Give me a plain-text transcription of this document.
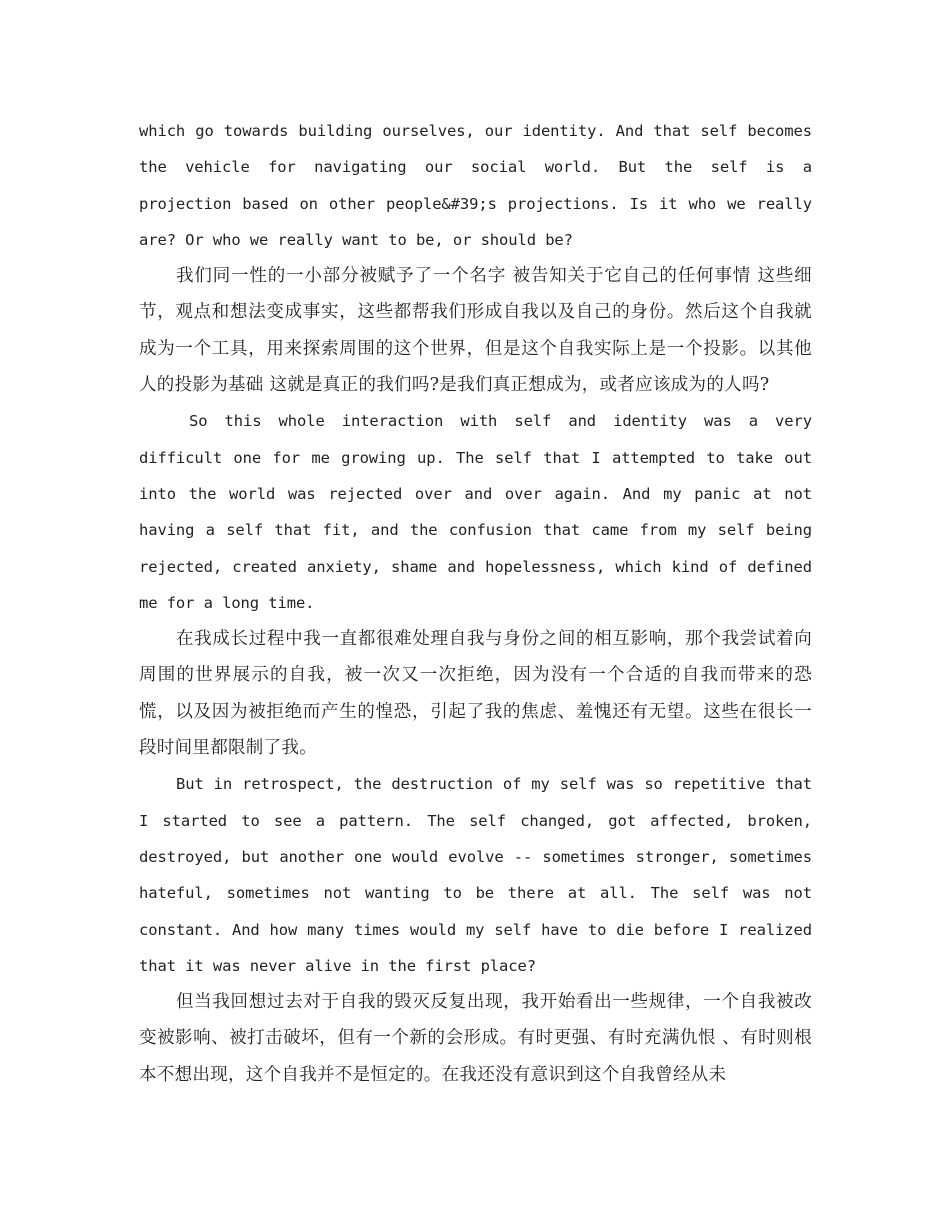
which go towards building ourselves, our identity. And that self becomes the vehicle for navigating our social world. But the self is a projection based on other people&#39;s projections. Is it who we really are? Or who we really want to be, or should be?

我们同一性的一小部分被赋予了一个名字 被告知关于它自己的任何事情 这些细节，观点和想法变成事实，这些都帮我们形成自我以及自己的身份。然后这个自我就成为一个工具，用来探索周围的这个世界，但是这个自我实际上是一个投影。以其他人的投影为基础 这就是真正的我们吗?是我们真正想成为，或者应该成为的人吗?

So this whole interaction with self and identity was a very difficult one for me growing up. The self that I attempted to take out into the world was rejected over and over again. And my panic at not having a self that fit, and the confusion that came from my self being rejected, created anxiety, shame and hopelessness, which kind of defined me for a long time.

在我成长过程中我一直都很难处理自我与身份之间的相互影响，那个我尝试着向周围的世界展示的自我，被一次又一次拒绝，因为没有一个合适的自我而带来的恐慌，以及因为被拒绝而产生的惶恐，引起了我的焦虑、羞愧还有无望。这些在很长一段时间里都限制了我。

But in retrospect, the destruction of my self was so repetitive that I started to see a pattern. The self changed, got affected, broken, destroyed, but another one would evolve -- sometimes stronger, sometimes hateful, sometimes not wanting to be there at all. The self was not constant. And how many times would my self have to die before I realized that it was never alive in the first place?

但当我回想过去对于自我的毁灭反复出现，我开始看出一些规律，一个自我被改变被影响、被打击破坏，但有一个新的会形成。有时更强、有时充满仇恨 、有时则根本不想出现，这个自我并不是恒定的。在我还没有意识到这个自我曾经从未
